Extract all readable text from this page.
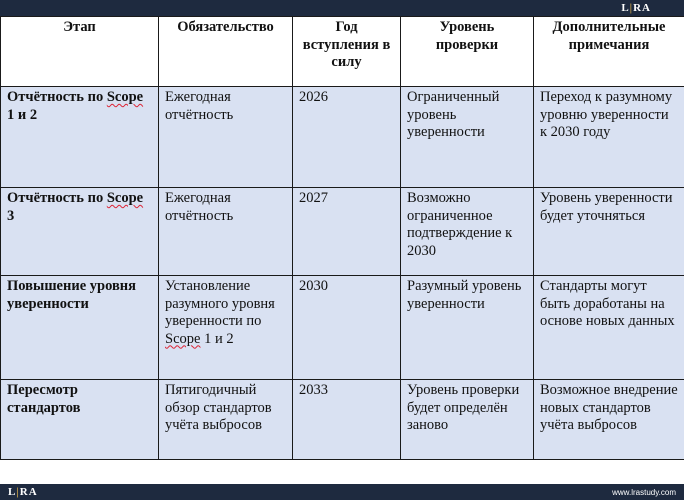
L|RA
Этап	Обязательство	Год вступления в силу	Уровень проверки	Дополнительные примечания
Отчётность по Scope 1 и 2	Ежегодная отчётность	2026	Ограниченный уровень уверенности	Переход к разумному уровню уверенности к 2030 году
Отчётность по Scope 3	Ежегодная отчётность	2027	Возможно ограниченное подтверждение к 2030	Уровень уверенности будет уточняться
Повышение уровня уверенности	Установление разумного уровня уверенности по Scope 1 и 2	2030	Разумный уровень уверенности	Стандарты могут быть доработаны на основе новых данных
Пересмотр стандартов	Пятигодичный обзор стандартов учёта выбросов	2033	Уровень проверки будет определён заново	Возможное внедрение новых стандартов учёта выбросов
L|RA	www.lrastudy.com
